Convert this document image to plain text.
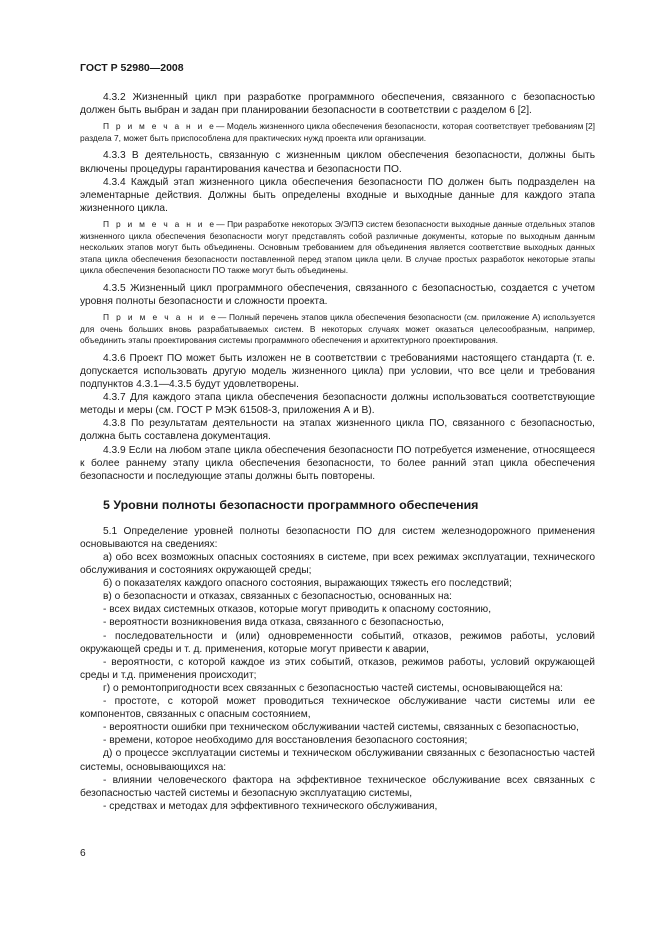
ГОСТ Р 52980—2008
4.3.2 Жизненный цикл при разработке программного обеспечения, связанного с безопасностью должен быть выбран и задан при планировании безопасности в соответствии с разделом 6 [2].
П р и м е ч а н и е— Модель жизненного цикла обеспечения безопасности, которая соответствует требованиям [2] раздела 7, может быть приспособлена для практических нужд проекта или организации.
4.3.3 В деятельность, связанную с жизненным циклом обеспечения безопасности, должны быть включены процедуры гарантирования качества и безопасности ПО.
4.3.4 Каждый этап жизненного цикла обеспечения безопасности ПО должен быть подразделен на элементарные действия. Должны быть определены входные и выходные данные для каждого этапа жизненного цикла.
П р и м е ч а н и е— При разработке некоторых Э/Э/ПЭ систем безопасности выходные данные отдельных этапов жизненного цикла обеспечения безопасности могут представлять собой различные документы, которые по выходным данным нескольких этапов могут быть объединены. Основным требованием для объединения является соответствие выходных данных этапа цикла обеспечения безопасности поставленной перед этапом цикла цели. В случае простых разработок некоторые этапы цикла обеспечения безопасности ПО также могут быть объединены.
4.3.5 Жизненный цикл программного обеспечения, связанного с безопасностью, создается с учетом уровня полноты безопасности и сложности проекта.
П р и м е ч а н и е— Полный перечень этапов цикла обеспечения безопасности (см. приложение А) используется для очень больших вновь разрабатываемых систем. В некоторых случаях может оказаться целесообразным, например, объединить этапы проектирования системы программного обеспечения и архитектурного проектирования.
4.3.6 Проект ПО может быть изложен не в соответствии с требованиями настоящего стандарта (т. е. допускается использовать другую модель жизненного цикла) при условии, что все цели и требования подпунктов 4.3.1—4.3.5 будут удовлетворены.
4.3.7 Для каждого этапа цикла обеспечения безопасности должны использоваться соответствующие методы и меры (см. ГОСТ Р МЭК 61508-3, приложения А и В).
4.3.8 По результатам деятельности на этапах жизненного цикла ПО, связанного с безопасностью, должна быть составлена документация.
4.3.9 Если на любом этапе цикла обеспечения безопасности ПО потребуется изменение, относящееся к более раннему этапу цикла обеспечения безопасности, то более ранний этап цикла обеспечения безопасности и последующие этапы должны быть повторены.
5 Уровни полноты безопасности программного обеспечения
5.1 Определение уровней полноты безопасности ПО для систем железнодорожного применения основываются на сведениях:
а) обо всех возможных опасных состояниях в системе, при всех режимах эксплуатации, технического обслуживания и состояниях окружающей среды;
б) о показателях каждого опасного состояния, выражающих тяжесть его последствий;
в) о безопасности и отказах, связанных с безопасностью, основанных на:
- всех видах системных отказов, которые могут приводить к опасному состоянию,
- вероятности возникновения вида отказа, связанного с безопасностью,
- последовательности и (или) одновременности событий, отказов, режимов работы, условий окружающей среды и т. д. применения, которые могут привести к аварии,
- вероятности, с которой каждое из этих событий, отказов, режимов работы, условий окружающей среды и т.д. применения происходит;
г) о ремонтопригодности всех связанных с безопасностью частей системы, основывающейся на:
- простоте, с которой может проводиться техническое обслуживание части системы или ее компонентов, связанных с опасным состоянием,
- вероятности ошибки при техническом обслуживании частей системы, связанных с безопасностью,
- времени, которое необходимо для восстановления безопасного состояния;
д) о процессе эксплуатации системы и техническом обслуживании связанных с безопасностью частей системы, основывающихся на:
- влиянии человеческого фактора на эффективное техническое обслуживание всех связанных с безопасностью частей системы и безопасную эксплуатацию системы,
- средствах и методах для эффективного технического обслуживания,
6
